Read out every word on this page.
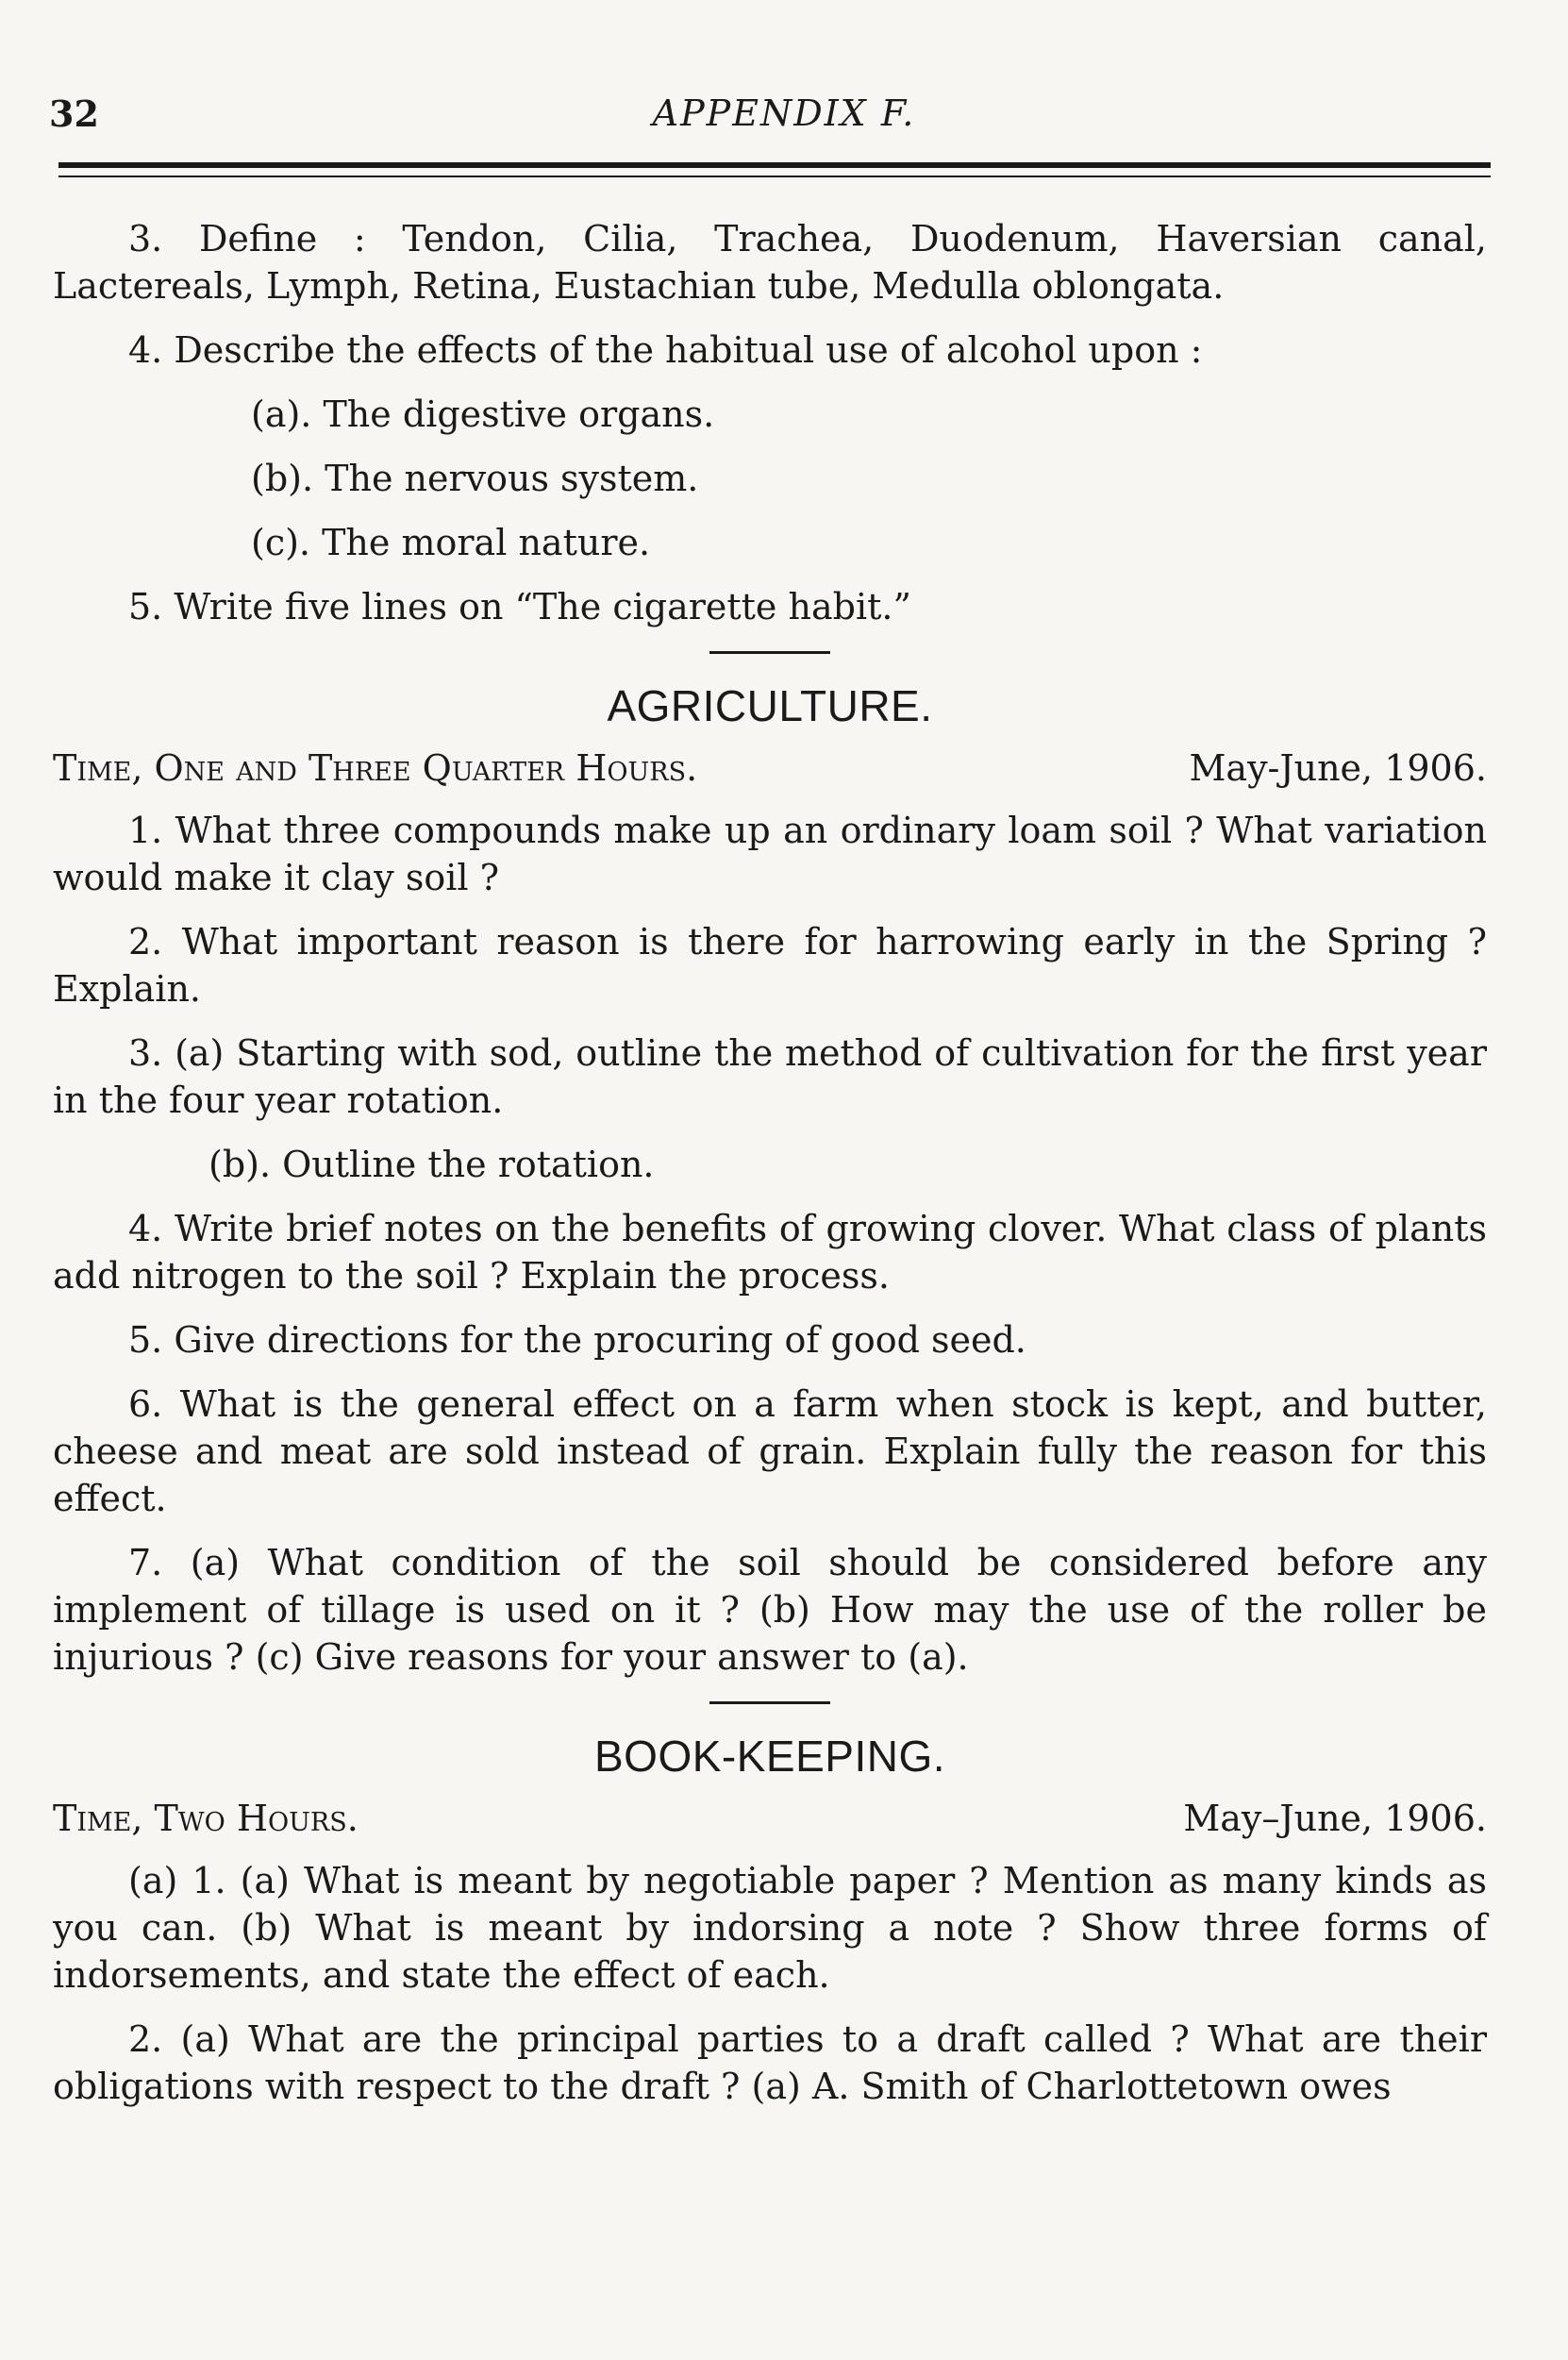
32	APPENDIX F.

3. Define : Tendon, Cilia, Trachea, Duodenum, Haversian canal, Lactereals, Lymph, Retina, Eustachian tube, Medulla oblongata.

4. Describe the effects of the habitual use of alcohol upon :

(a). The digestive organs.

(b). The nervous system.

(c). The moral nature.

5. Write five lines on “The cigarette habit.”

AGRICULTURE.
Time, One and Three Quarter Hours.	May-June, 1906.

1. What three compounds make up an ordinary loam soil ? What variation would make it clay soil ?

2. What important reason is there for harrowing early in the Spring ? Explain.

3. (a) Starting with sod, outline the method of cultivation for the first year in the four year rotation.

(b). Outline the rotation.

4. Write brief notes on the benefits of growing clover. What class of plants add nitrogen to the soil ? Explain the process.

5. Give directions for the procuring of good seed.

6. What is the general effect on a farm when stock is kept, and butter, cheese and meat are sold instead of grain. Explain fully the reason for this effect.

7. (a) What condition of the soil should be considered before any implement of tillage is used on it ? (b) How may the use of the roller be injurious ? (c) Give reasons for your answer to (a).

BOOK-KEEPING.
Time, Two Hours.	May–June, 1906.

(a) 1. (a) What is meant by negotiable paper ? Mention as many kinds as you can. (b) What is meant by indorsing a note ? Show three forms of indorsements, and state the effect of each.

2. (a) What are the principal parties to a draft called ? What are their obligations with respect to the draft ? (a) A. Smith of Charlottetown owes
